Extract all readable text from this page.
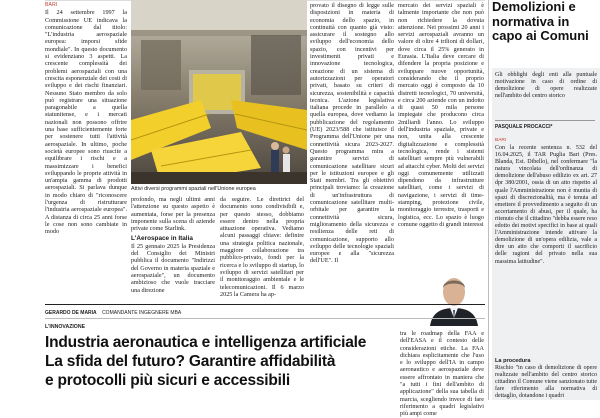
BARI

Il 24 settembre 1997 la Commissione UE indicava la comunicazione dal titolo: "L'industria aerospaziale europea: imporsi sfide mondiale". In questo documento si evidenziano 3 aspetti. La crescente complessità dei problemi aerospaziali con una crescita esponenziale dei costi di sviluppo e dei rischi finanziari. Nessuno Stato membro da solo può registrare una situazione paragonabile a quella statunitense, e i mercati nazionali non possono offrire una base sufficientemente forte per sostenere tutti l'attività aerospaziale. In ultimo, poche società europee sono riuscite a equilibrare i rischi e a massimizzare i benefici sviluppando le proprie attività in un'ampia gamma di prodotti aerospaziali. Si parlava dunque in modo chiaro di "riconoscere l'urgenza di ristrutturare l'industria aerospaziale europea". A distanza di circa 25 anni forse le cose non sono cambiate in modo

Attivi diversi programmi spaziali nell'Unione europea

profondo, ma negli ultimi anni l'attenzione su questo aspetto è aumentata, forse per la presenza imponente sulla scena di aziende private come Starlink.

L'Aerospace in Italia

Il 25 gennaio 2025 la Presidenza del Consiglio dei Ministri pubblica il documento "Indirizzi del Governo in materia spaziale e aerospaziale", un documento ambizioso che vuole tracciare una direzione

da seguire. Le direttrici del documento sono condivisibili e, per questo stesso, dobbiamo essere dentro nella propria attuazione operativa. Vediamo alcuni passaggi chiave: definire una strategia politica nazionale, maggiore collaborazione tra pubblico-privato, fondi per la ricerca e lo sviluppo di startup, lo sviluppo di servizi satellitari per il monitoraggio ambientale e le telecomunicazioni. Il 6 marzo 2025 la Camera ha ap-

provato il disegno di legge sulle disposizioni in materia di economia dello spazio, in continuità con quanto già visto: assicurare il sostegno allo sviluppo dell'economia dello spazio, con incentivi per investimenti privati e innovazione tecnologica, creazione di un sistema di autorizzazioni per operatori privati, basato su criteri di sicurezza, sostenibilità e capacità tecnica. L'azione legislativa italiana procede in parallelo a quella europea, dove vediamo la pubblicazione del regolamento (UE) 2023/588 che istituisce il Programma dell'Unione per una connettività sicura 2023-2027. Questo programma mira a garantire servizi di comunicazione satellitare sicuri per le istituzioni europee e gli Stati membri. Tra gli obiettivi principali troviamo: la creazione di un'infrastruttura di comunicazione satellitare multi-orbitale per garantire la connettività sicura, miglioramento della sicurezza e resilienza delle reti di comunicazione, supporto allo sviluppo delle tecnologie spaziali europee e alla "sicurezza dell'UE". Il

mercato dei servizi spaziali è talmente importante che non può non richiedere la dovuta attenzione. Nei prossimi 20 anni i servizi aerospaziali avranno un valore di oltre 4 trilioni di dollari, dove circa il 25% generato in Eurasia. L'Italia deve cercare di difendere la propria posizione e sviluppare nuove opportunità, considerando che il proprio mercato oggi è composto da 10 distretti tecnologici, 70 università, e circa 200 aziende con un indotto di quasi 50 mila persone impiegate che producono circa 2miliardi l'anno. Lo sviluppo dell'industria spaziale, private e non, unita alla crescente digitalizzazione e complessità tecnologica, rende i sistemi satellitari sempre più vulnerabili ad attacchi cyber. Molti dei servizi oggi comunemente utilizzati dipendono da infrastrutture satellitari, come i servizi di navigazione, i servizi di time-stamping, protezione civile, monitoraggio terrestre, trasporti e logistica, ecc. Lo spazio è luogo comune oggetto di grandi interessi

Demolizioni e normativa in capo ai Comuni
Gli obblighi degli enti alla puntuale motivazione in caso di ordine di demolizione di opere realizzate nell'ambito del centro storico
PASQUALE PROCACCI*
BARI
Con la recente sentenza n. 532 del 16.04.2025, il TAR Puglia Bari (Pres. Blanda, Est. Dibello), nel confermare "la natura vincolata dell'ordinanza di demolizione dell'abuso edilizio ex art. 27 dpr 380/2001, ossia di un atto rispetto al quale l'Amministrazione non è munita di spazi di discrezionalità, ma è tenuta ad emettere il provvedimento a seguito di un accertamento di abusi, per il quale, ha ritenuto che il cittadino "debba essere reso edotto dei motivi specifici in base ai quali l'Amministrazione intende attivare la demolizione di un'opera edilizia, vale a dire un atto che comporti il sacrificio delle ragioni del privato nella sua massima latitudine".
La procedura
Rischio "in caso di demolizione di opere realizzate nell'ambito del centro storico cittadino il Comune viene sanzionato tutte fare riferimento alla normativa di dettaglio, dotandone i quadri
GERARDO DE MARIA COMANDANTE INGEGNERE MBA
L'INNOVAZIONE
Industria aeronautica e intelligenza artificiale
La sfida del futuro? Garantire affidabilità
e protocolli più sicuri e accessibili

tra le roadmap della FAA e dell'EASA e il contesto delle considerazioni etiche. La FAA dichiara esplicitamente che l'uso e lo sviluppo dell'IA in campo aeronautico e aerospaziale deve essere affrontato in maniera che "a tutti i fini dell'ambito di applicazione" della sua tabella di marcia, scegliendo invece di fare riferimento a quadri legislativi più ampi come
